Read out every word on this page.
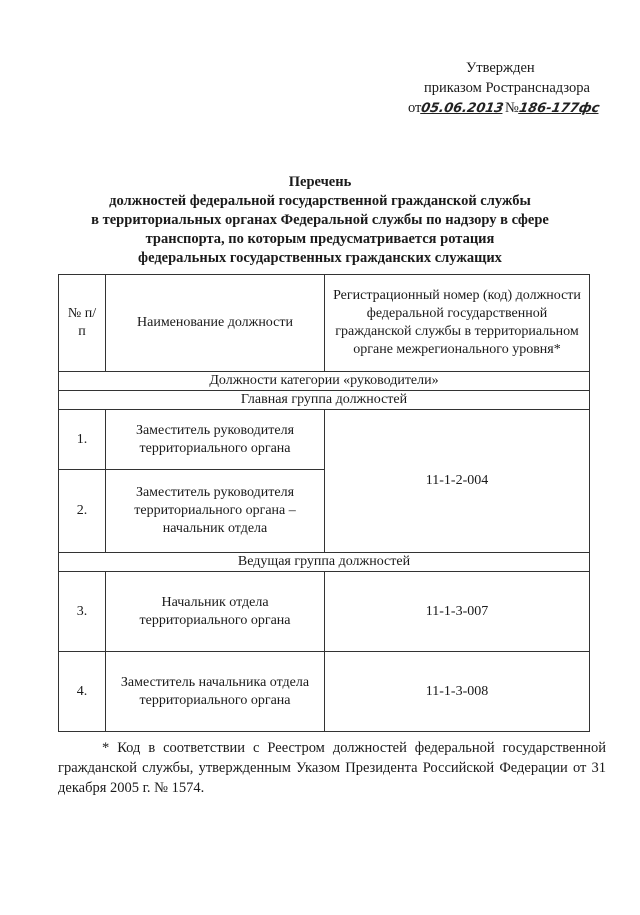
Утвержден
приказом Ространснадзора
от05.06.2013 №186-177фс
Перечень
должностей федеральной государственной гражданской службы
в территориальных органах Федеральной службы по надзору в сфере
транспорта, по которым предусматривается ротация
федеральных государственных гражданских служащих
№ п/п	Наименование должности	Регистрационный номер (код) должности федеральной государственной гражданской службы в территориальном органе межрегионального уровня*
Должности категории «руководители»		
Главная группа должностей		
1.	Заместитель руководителя территориального органа	11-1-2-004
2.	Заместитель руководителя территориального органа – начальник отдела	
Ведущая группа должностей		
3.	Начальник отдела территориального органа	11-1-3-007
4.	Заместитель начальника отдела территориального органа	11-1-3-008
* Код в соответствии с Реестром должностей федеральной государственной гражданской службы, утвержденным Указом Президента Российской Федерации от 31 декабря 2005 г. № 1574.
